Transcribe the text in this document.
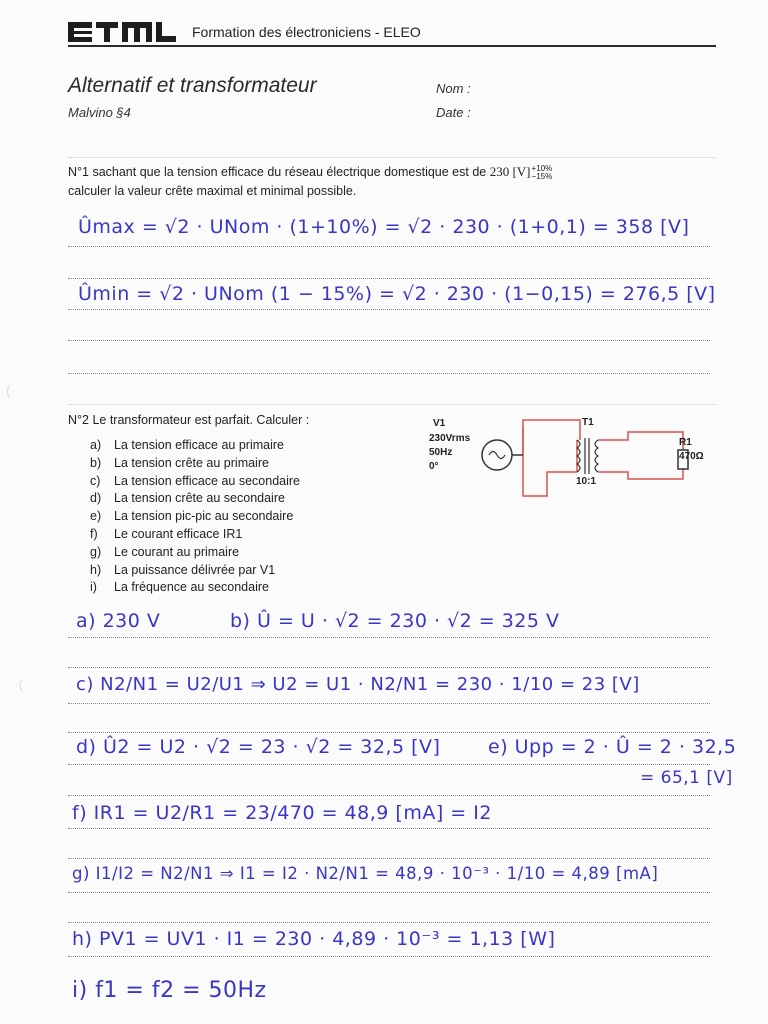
Formation des électroniciens - ELEO
Alternatif et transformateur
Malvino §4
Nom :
Date :
N°1 sachant que la tension efficace du réseau électrique domestique est de 230 [V] +10%
−15%

calculer la valeur crête maximal et minimal possible.
Ûmax = √2 · UNom · (1+10%) = √2 · 230 · (1+0,1) = 358 [V]
Ûmin = √2 · UNom (1 − 15%) = √2 · 230 · (1−0,15) = 276,5 [V]
N°2 Le transformateur est parfait. Calculer :
a)	La tension efficace au primaire
b)	La tension crête au primaire
c)	La tension efficace au secondaire
d)	La tension crête au secondaire
e)	La tension pic-pic au secondaire
f)	Le courant efficace IR1
g)	Le courant au primaire
h)	La puissance délivrée par V1
i)	La fréquence au secondaire
V1
230Vrms
50Hz
0°
T1
10:1
R1
470Ω
a) 230 V	b) Û = U · √2 = 230 · √2 = 325 V
c) N2/N1 = U2/U1 ⇒ U2 = U1 · N2/N1 = 230 · 1/10 = 23 [V]
d) Û2 = U2 · √2 = 23 · √2 = 32,5 [V]	e) Upp = 2 · Û = 2 · 32,5
= 65,1 [V]
f) IR1 = U2/R1 = 23/470 = 48,9 [mA] = I2
g) I1/I2 = N2/N1 ⇒ I1 = I2 · N2/N1 = 48,9 · 10⁻³ · 1/10 = 4,89 [mA]
h) PV1 = UV1 · I1 = 230 · 4,89 · 10⁻³ = 1,13 [W]
i) f1 = f2 = 50Hz
(
·(
